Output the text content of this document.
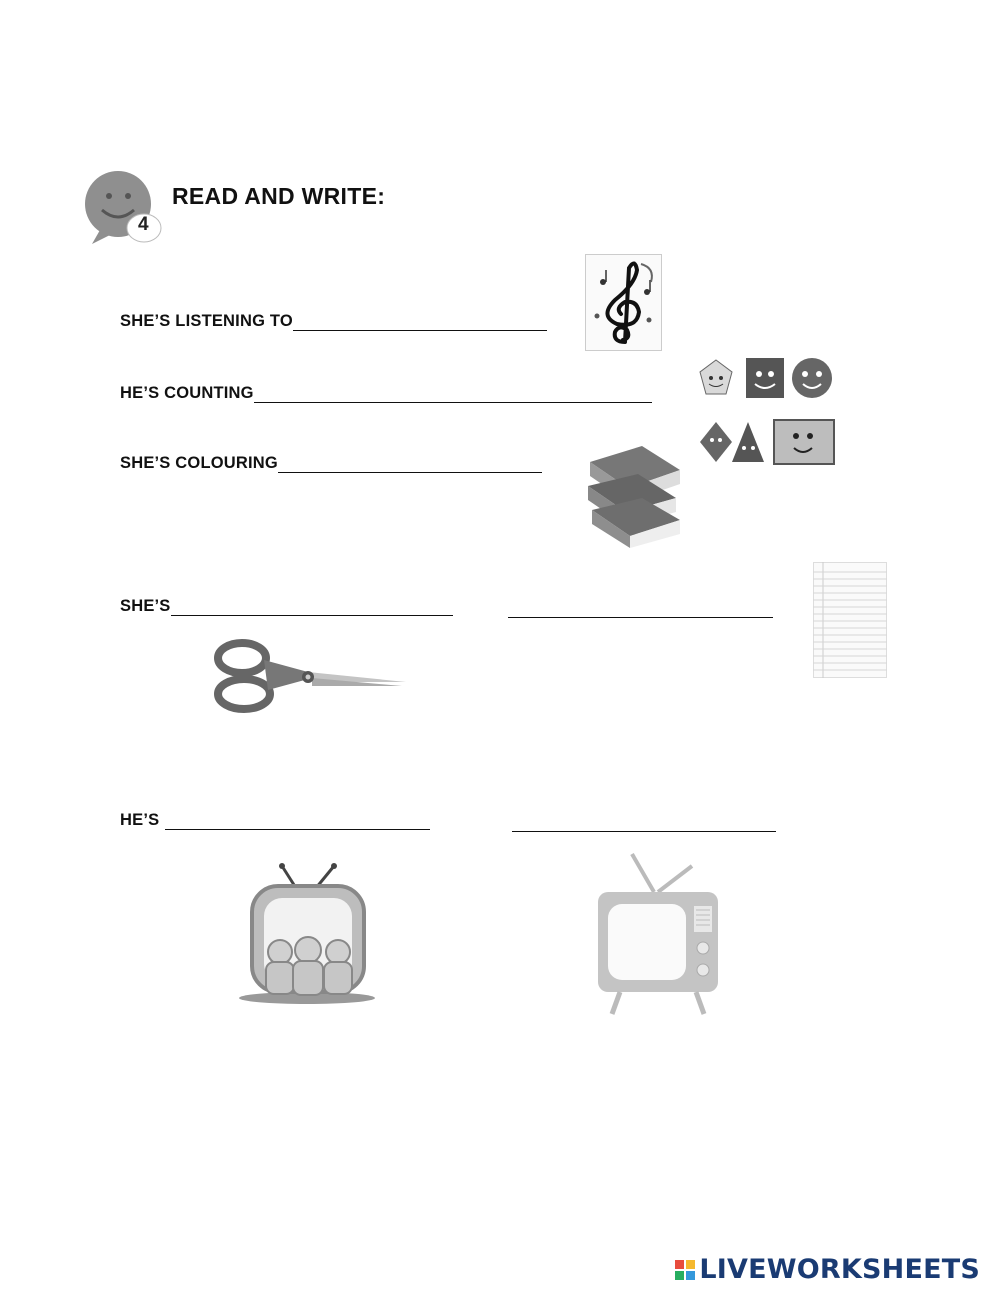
4
READ AND WRITE:
SHE’S LISTENING TO
HE’S COUNTING
SHE’S COLOURING
SHE’S
HE’S
LIVEWORKSHEETS
